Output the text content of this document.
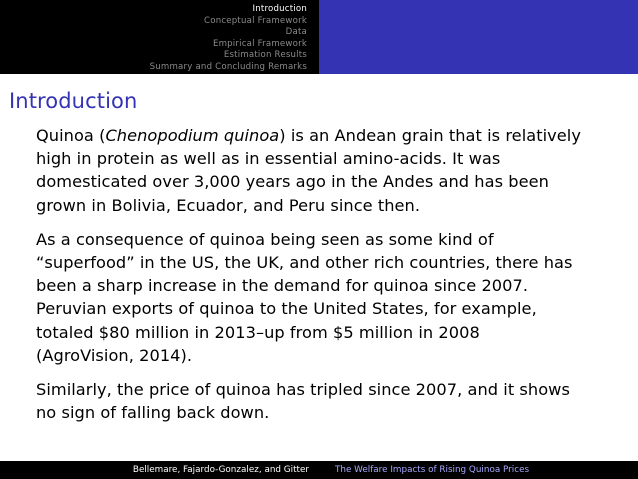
Introduction
Conceptual Framework
Data
Empirical Framework
Estimation Results
Summary and Concluding Remarks
Introduction
Quinoa (Chenopodium quinoa) is an Andean grain that is relatively
high in protein as well as in essential amino-acids. It was
domesticated over 3,000 years ago in the Andes and has been
grown in Bolivia, Ecuador, and Peru since then.
As a consequence of quinoa being seen as some kind of
“superfood” in the US, the UK, and other rich countries, there has
been a sharp increase in the demand for quinoa since 2007.
Peruvian exports of quinoa to the United States, for example,
totaled $80 million in 2013–up from $5 million in 2008
(AgroVision, 2014).
Similarly, the price of quinoa has tripled since 2007, and it shows
no sign of falling back down.
Bellemare, Fajardo-Gonzalez, and Gitter	The Welfare Impacts of Rising Quinoa Prices
